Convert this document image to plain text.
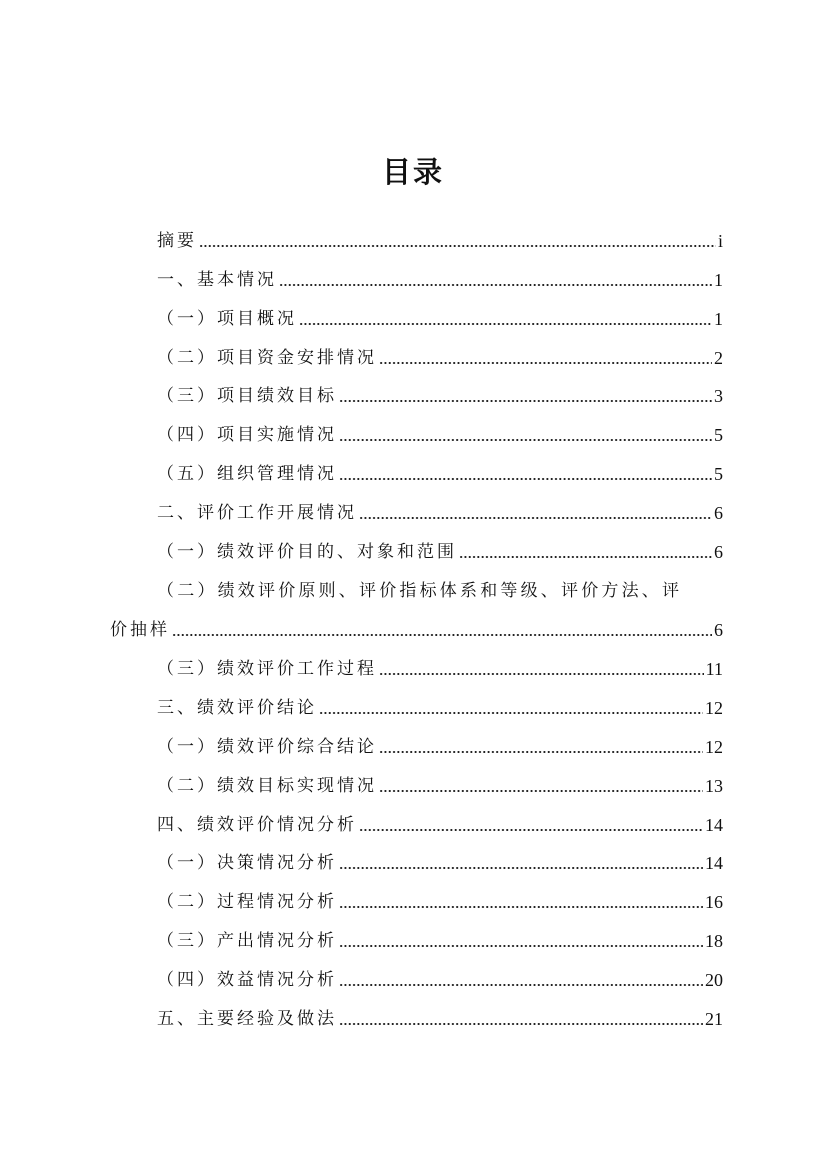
目录
摘要	i
一、基本情况	1
（一）项目概况	1
（二）项目资金安排情况	2
（三）项目绩效目标	3
（四）项目实施情况	5
（五）组织管理情况	5
二、评价工作开展情况	6
（一）绩效评价目的、对象和范围	6
（二）绩效评价原则、评价指标体系和等级、评价方法、评
价抽样	6
（三）绩效评价工作过程	11
三、绩效评价结论	12
（一）绩效评价综合结论	12
（二）绩效目标实现情况	13
四、绩效评价情况分析	14
（一）决策情况分析	14
（二）过程情况分析	16
（三）产出情况分析	18
（四）效益情况分析	20
五、主要经验及做法	21
